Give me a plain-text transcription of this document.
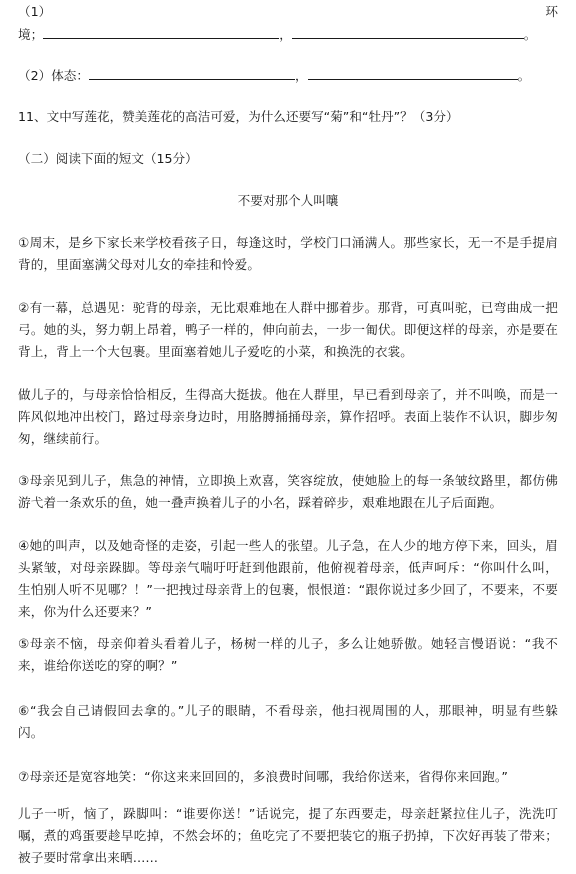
（1）	环
境；	，	。
（2）体态：	，	。
11、文中写莲花，赞美莲花的高洁可爱，为什么还要写“菊”和“牡丹”？（3分）
（二）阅读下面的短文（15分）
不要对那个人叫嚷
①周末，是乡下家长来学校看孩子日，每逢这时，学校门口涌满人。那些家长，无一不是手提肩背的，里面塞满父母对儿女的牵挂和怜爱。
②有一幕，总遇见：驼背的母亲，无比艰难地在人群中挪着步。那背，可真叫驼，已弯曲成一把弓。她的头，努力朝上昂着，鸭子一样的，伸向前去，一步一匍伏。即便这样的母亲，亦是要在背上，背上一个大包裹。里面塞着她儿子爱吃的小菜，和换洗的衣裳。
做儿子的，与母亲恰恰相反，生得高大挺拔。他在人群里，早已看到母亲了，并不叫唤，而是一阵风似地冲出校门，路过母亲身边时，用胳膊捅捅母亲，算作招呼。表面上装作不认识，脚步匆匆，继续前行。
③母亲见到儿子，焦急的神情，立即换上欢喜，笑容绽放，使她脸上的每一条皱纹路里，都仿佛游弋着一条欢乐的鱼，她一叠声换着儿子的小名，踩着碎步，艰难地跟在儿子后面跑。
④她的叫声，以及她奇怪的走姿，引起一些人的张望。儿子急，在人少的地方停下来，回头，眉头紧皱，对母亲跺脚。等母亲气喘吁吁赶到他跟前，他俯视着母亲，低声呵斥：“你叫什么叫，生怕别人听不见哪？！”一把拽过母亲背上的包裹，恨恨道：“跟你说过多少回了，不要来，不要来，你为什么还要来？”
⑤母亲不恼，母亲仰着头看着儿子，杨树一样的儿子，多么让她骄傲。她轻言慢语说：“我不来，谁给你送吃的穿的啊？”
⑥“我会自己请假回去拿的。”儿子的眼睛，不看母亲，他扫视周围的人，那眼神，明显有些躲闪。
⑦母亲还是宽容地笑：“你这来来回回的，多浪费时间哪，我给你送来，省得你来回跑。”
儿子一听，恼了，跺脚叫：“谁要你送！”话说完，提了东西要走，母亲赶紧拉住儿子，洗洗叮嘱，煮的鸡蛋要趁早吃掉，不然会坏的；鱼吃完了不要把装它的瓶子扔掉，下次好再装了带来；被子要时常拿出来晒……
